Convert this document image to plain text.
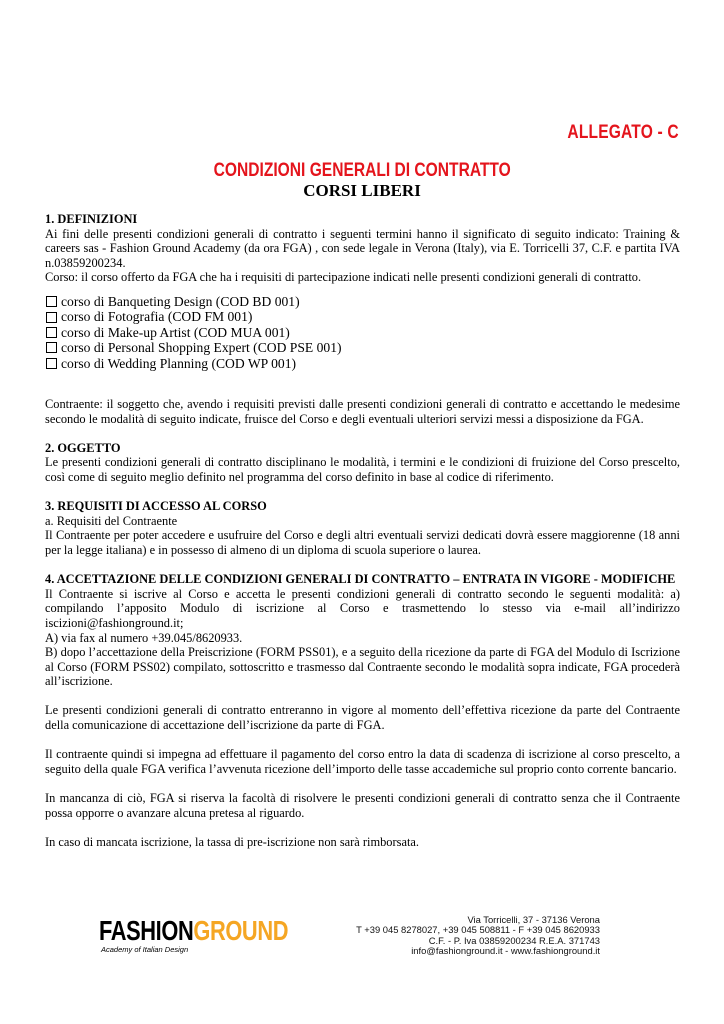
ALLEGATO - C
CONDIZIONI GENERALI DI CONTRATTO
CORSI LIBERI

1. DEFINIZIONI

Ai fini delle presenti condizioni generali di contratto i seguenti termini hanno il significato di seguito indicato: Training & careers sas - Fashion Ground Academy (da ora FGA) , con sede legale in Verona (Italy), via E. Torricelli 37, C.F. e partita IVA n.03859200234.

Corso: il corso offerto da FGA che ha i requisiti di partecipazione indicati nelle presenti condizioni generali di contratto.

corso di Banqueting Design (COD BD 001)
corso di Fotografia (COD FM 001)
corso di Make-up Artist (COD MUA 001)
corso di Personal Shopping Expert (COD PSE 001)
corso di Wedding Planning (COD WP 001)

Contraente: il soggetto che, avendo i requisiti previsti dalle presenti condizioni generali di contratto e accettando le medesime secondo le modalità di seguito indicate, fruisce del Corso e degli eventuali ulteriori servizi messi a disposizione da FGA.

2. OGGETTO

Le presenti condizioni generali di contratto disciplinano le modalità, i termini e le condizioni di fruizione del Corso prescelto, così come di seguito meglio definito nel programma del corso definito in base al codice di riferimento.

3. REQUISITI DI ACCESSO AL CORSO

a. Requisiti del Contraente

Il Contraente per poter accedere e usufruire del Corso e degli altri eventuali servizi dedicati dovrà essere maggiorenne (18 anni per la legge italiana) e in possesso di almeno di un diploma di scuola superiore o laurea.

4. ACCETTAZIONE DELLE CONDIZIONI GENERALI DI CONTRATTO – ENTRATA IN VIGORE - MODIFICHE

Il Contraente si iscrive al Corso e accetta le presenti condizioni generali di contratto secondo le seguenti modalità: a) compilando l’apposito Modulo di iscrizione al Corso e trasmettendo lo stesso via e-mail all’indirizzo iscizioni@fashionground.it;

A) via fax al numero +39.045/8620933.

B) dopo l’accettazione della Preiscrizione (FORM PSS01), e a seguito della ricezione da parte di FGA del Modulo di Iscrizione al Corso (FORM PSS02) compilato, sottoscritto e trasmesso dal Contraente secondo le modalità sopra indicate, FGA procederà all’iscrizione.

Le presenti condizioni generali di contratto entreranno in vigore al momento dell’effettiva ricezione da parte del Contraente della comunicazione di accettazione dell’iscrizione da parte di FGA.

Il contraente quindi si impegna ad effettuare il pagamento del corso entro la data di scadenza di iscrizione al corso prescelto, a seguito della quale FGA verifica l’avvenuta ricezione dell’importo delle tasse accademiche sul proprio conto corrente bancario.

In mancanza di ciò, FGA si riserva la facoltà di risolvere le presenti condizioni generali di contratto senza che il Contraente possa opporre o avanzare alcuna pretesa al riguardo.

In caso di mancata iscrizione, la tassa di pre-iscrizione non sarà rimborsata.

FASHIONGROUND
Academy of Italian Design
Via Torricelli, 37 - 37136 Verona
T +39 045 8278027, +39 045 508811 - F +39 045 8620933
C.F. - P. Iva 03859200234 R.E.A. 371743
info@fashionground.it - www.fashionground.it
